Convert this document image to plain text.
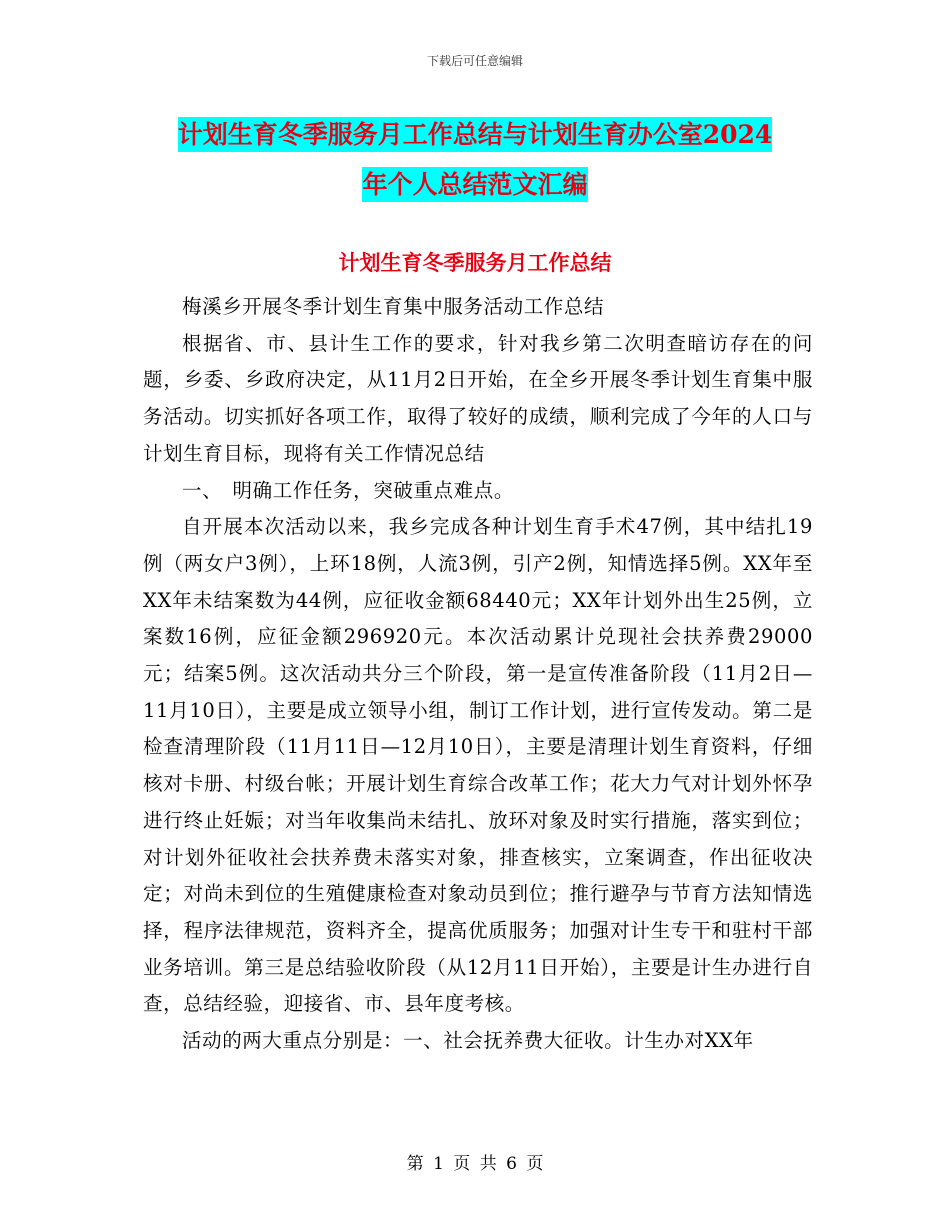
下载后可任意编辑
计划生育冬季服务月工作总结与计划生育办公室2024
年个人总结范文汇编
计划生育冬季服务月工作总结

梅溪乡开展冬季计划生育集中服务活动工作总结

根据省、市、县计生工作的要求，针对我乡第二次明查暗访存在的问题，乡委、乡政府决定，从11月2日开始，在全乡开展冬季计划生育集中服务活动。切实抓好各项工作，取得了较好的成绩，顺利完成了今年的人口与计划生育目标，现将有关工作情况总结

一、　明确工作任务，突破重点难点。

自开展本次活动以来，我乡完成各种计划生育手术47例，其中结扎19例（两女户3例），上环18例，人流3例，引产2例，知情选择5例。XX年至XX年未结案数为44例，应征收金额68440元；XX年计划外出生25例，立案数16例，应征金额296920元。本次活动累计兑现社会扶养费29000元；结案5例。这次活动共分三个阶段，第一是宣传准备阶段（11月2日—11月10日），主要是成立领导小组，制订工作计划，进行宣传发动。第二是检查清理阶段（11月11日—12月10日），主要是清理计划生育资料，仔细核对卡册、村级台帐；开展计划生育综合改革工作；花大力气对计划外怀孕进行终止妊娠；对当年收集尚未结扎、放环对象及时实行措施，落实到位；对计划外征收社会扶养费未落实对象，排查核实，立案调查，作出征收决定；对尚未到位的生殖健康检查对象动员到位；推行避孕与节育方法知情选择，程序法律规范，资料齐全，提高优质服务；加强对计生专干和驻村干部业务培训。第三是总结验收阶段（从12月11日开始），主要是计生办进行自查，总结经验，迎接省、市、县年度考核。

活动的两大重点分别是：一、社会抚养费大征收。计生办对XX年

第 1 页 共 6 页
